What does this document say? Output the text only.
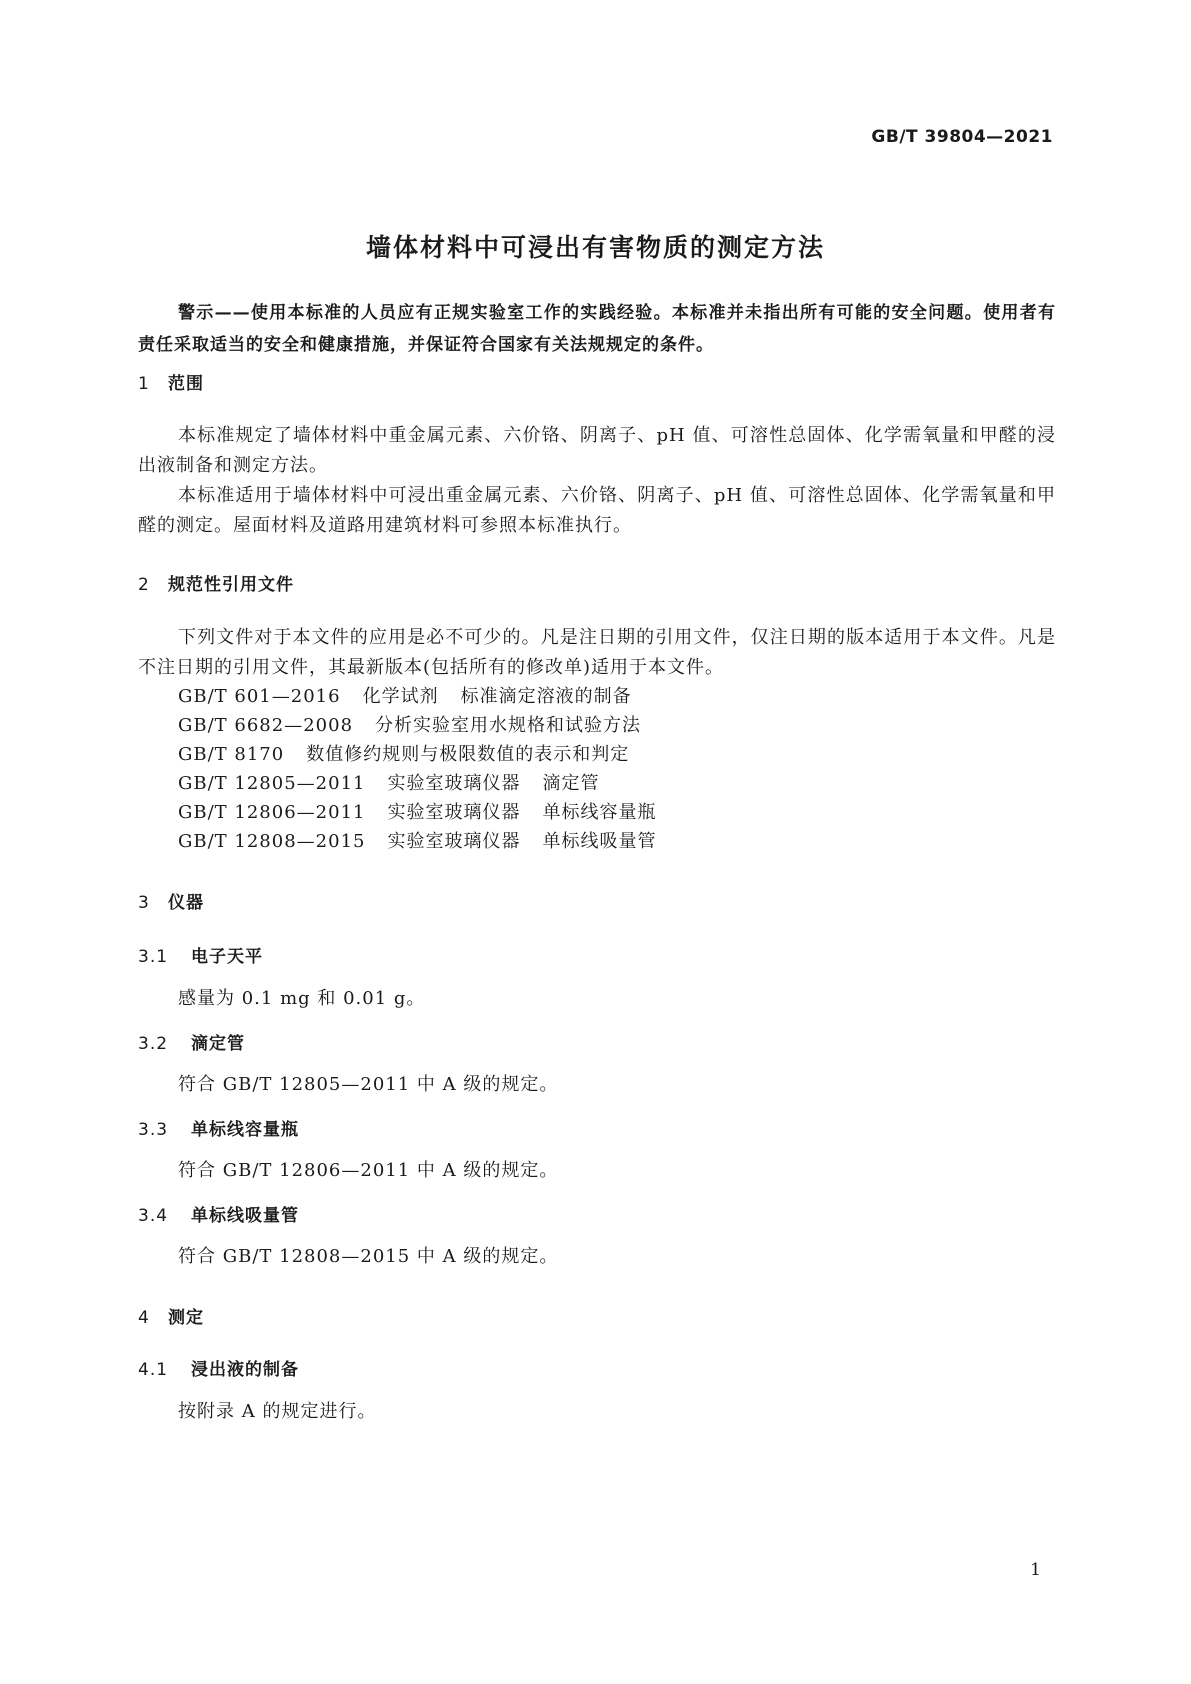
GB/T 39804—2021
墙体材料中可浸出有害物质的测定方法
警示——使用本标准的人员应有正规实验室工作的实践经验。本标准并未指出所有可能的安全问题。使用者有责任采取适当的安全和健康措施，并保证符合国家有关法规规定的条件。
1 范围
本标准规定了墙体材料中重金属元素、六价铬、阴离子、pH 值、可溶性总固体、化学需氧量和甲醛的浸出液制备和测定方法。
本标准适用于墙体材料中可浸出重金属元素、六价铬、阴离子、pH 值、可溶性总固体、化学需氧量和甲醛的测定。屋面材料及道路用建筑材料可参照本标准执行。
2 规范性引用文件
下列文件对于本文件的应用是必不可少的。凡是注日期的引用文件，仅注日期的版本适用于本文件。凡是不注日期的引用文件，其最新版本(包括所有的修改单)适用于本文件。
GB/T 601—2016 化学试剂 标准滴定溶液的制备
GB/T 6682—2008 分析实验室用水规格和试验方法
GB/T 8170 数值修约规则与极限数值的表示和判定
GB/T 12805—2011 实验室玻璃仪器 滴定管
GB/T 12806—2011 实验室玻璃仪器 单标线容量瓶
GB/T 12808—2015 实验室玻璃仪器 单标线吸量管
3 仪器
3.1 电子天平
感量为 0.1 mg 和 0.01 g。
3.2 滴定管
符合 GB/T 12805—2011 中 A 级的规定。
3.3 单标线容量瓶
符合 GB/T 12806—2011 中 A 级的规定。
3.4 单标线吸量管
符合 GB/T 12808—2015 中 A 级的规定。
4 测定
4.1 浸出液的制备
按附录 A 的规定进行。
1
